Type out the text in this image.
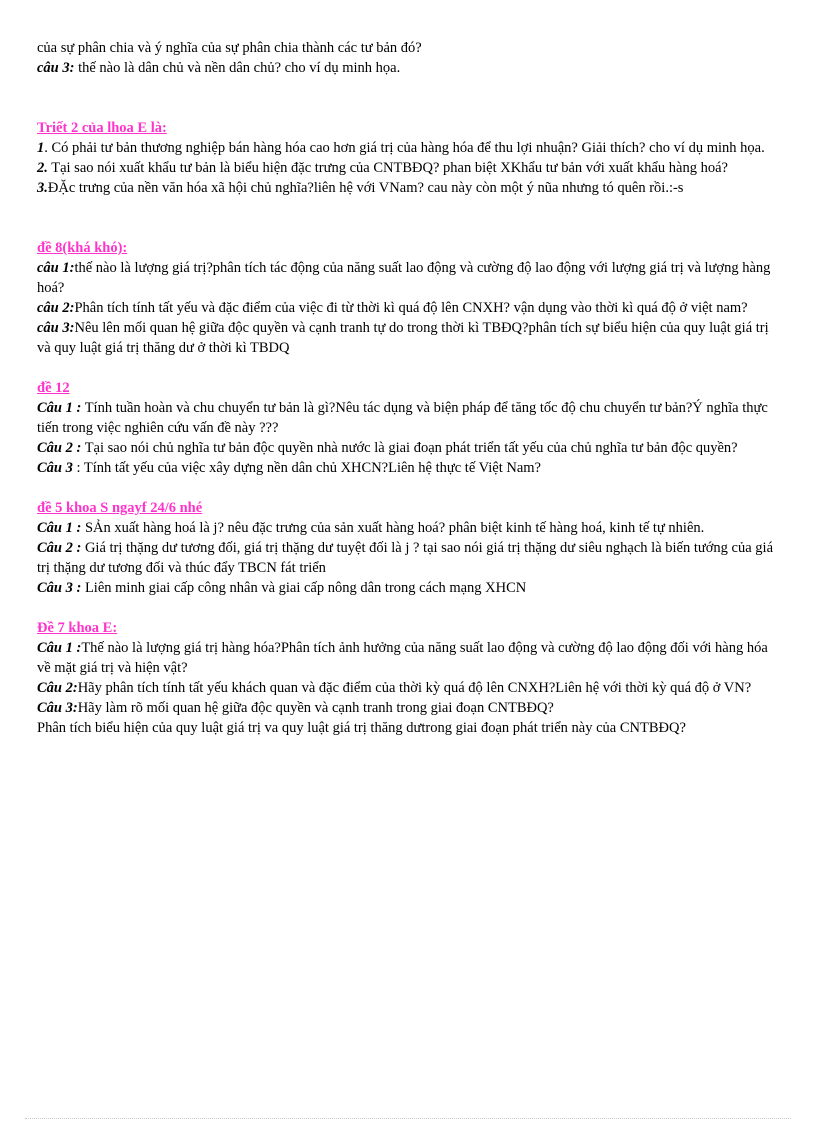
của sự phân chia và ý nghĩa của sự phân chia thành các tư bản đó?

câu 3: thế nào là dân chủ và nền dân chủ? cho ví dụ minh họa.

Triết 2 của lhoa E là:

1. Có phải tư bản thương nghiệp bán hàng hóa cao hơn giá trị của hàng hóa để thu lợi nhuận? Giải thích? cho ví dụ minh họa.

2. Tại sao nói xuất khẩu tư bản là biểu hiện đặc trưng của CNTBĐQ? phan biệt XKhẩu tư bản với xuất khẩu hàng hoá?

3.ĐẶc trưng của nền văn hóa xã hội chủ nghĩa?liên hệ với VNam? cau này còn một ý nũa nhưng tó quên rồi.:-s

đề 8(khá khó):

câu 1:thế nào là lượng giá trị?phân tích tác động của năng suất lao động và cường độ lao động với lượng giá trị và lượng hàng hoá?

câu 2:Phân tích tính tất yếu và đặc điểm của việc đi từ thời kì quá độ lên CNXH? vận dụng vào thời kì quá độ ở việt nam?

câu 3:Nêu lên mối quan hệ giữa độc quyền và cạnh tranh tự do trong thời kì TBĐQ?phân tích sự biểu hiện của quy luật giá trị và quy luật giá trị thăng dư ở thời kì TBDQ

đề 12

Câu 1 : Tính tuần hoàn và chu chuyển tư bản là gì?Nêu tác dụng và biện pháp để tăng tốc độ chu chuyển tư bản?Ý nghĩa thực tiến trong việc nghiên cứu vấn đề này ???

Câu 2 : Tại sao nói chủ nghĩa tư bản độc quyền nhà nước là giai đoạn phát triển tất yếu của chủ nghĩa tư bản độc quyền?

Câu 3 : Tính tất yếu của việc xây dựng nền dân chủ XHCN?Liên hệ thực tế Việt Nam?

đề 5 khoa S ngayf 24/6 nhé

Câu 1 : SẢn xuất hàng hoá là j? nêu đặc trưng của sản xuất hàng hoá? phân biệt kinh tế hàng hoá, kinh tế tự nhiên.

Câu 2 : Giá trị thặng dư tương đối, giá trị thặng dư tuyệt đối là j ? tại sao nói giá trị thặng dư siêu nghạch là biến tướng của giá trị thặng dư tương đối và thúc đẩy TBCN fát triển

Câu 3 : Liên minh giai cấp công nhân và giai cấp nông dân trong cách mạng XHCN

Đề 7 khoa E:

Câu 1 :Thế nào là lượng giá trị hàng hóa?Phân tích ảnh hưởng của năng suất lao động và cường độ lao động đối với hàng hóa về mặt giá trị và hiện vật?

Câu 2:Hãy phân tích tính tất yếu khách quan và đặc điểm của thời kỳ quá độ lên CNXH?Liên hệ với thời kỳ quá độ ở VN?

Câu 3:Hãy làm rõ mối quan hệ giữa độc quyền và cạnh tranh trong giai đoạn CNTBĐQ?

Phân tích biểu hiện của quy luật giá trị va quy luật giá trị thăng dưtrong giai đoạn phát triển này của CNTBĐQ?
